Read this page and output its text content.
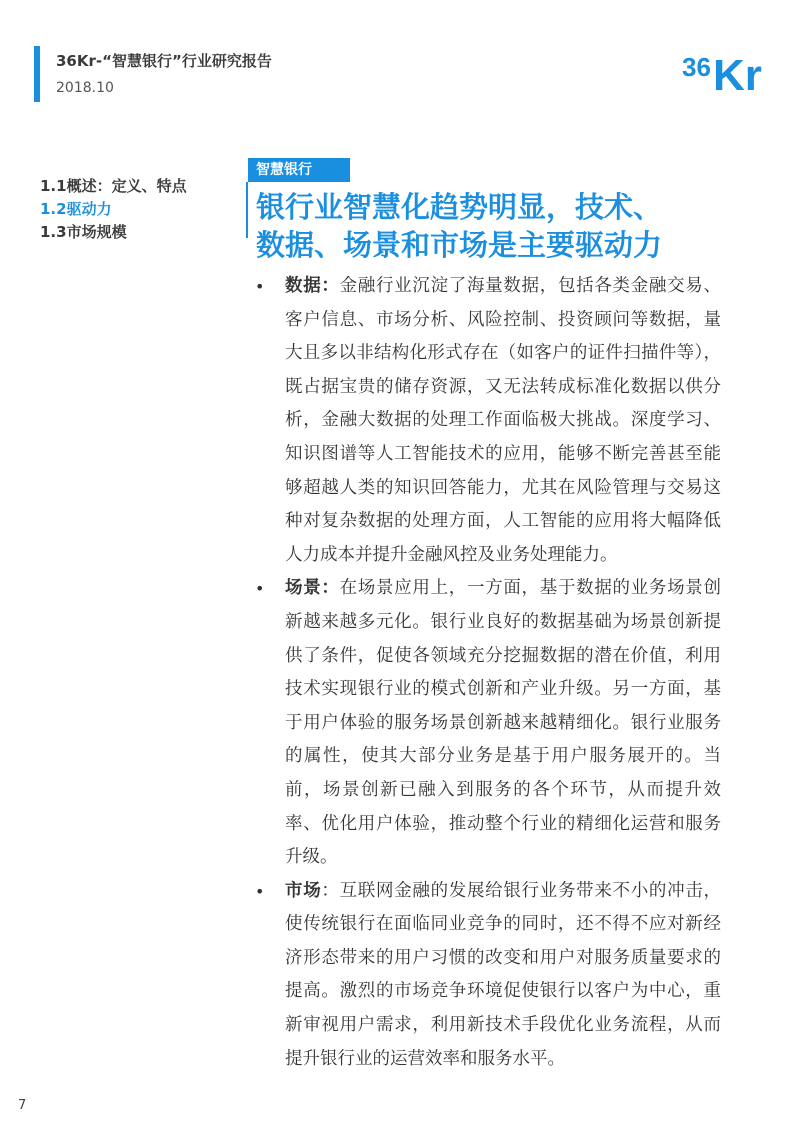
36Kr-“智慧银行”行业研究报告
2018.10
36 Kr
1.1概述：定义、特点
1.2驱动力
1.3市场规模
智慧银行
银行业智慧化趋势明显，技术、
数据、场景和市场是主要驱动力
•	数据：金融行业沉淀了海量数据，包括各类金融交易、客户信息、市场分析、风险控制、投资顾问等数据，量大且多以非结构化形式存在（如客户的证件扫描件等），既占据宝贵的储存资源，又无法转成标准化数据以供分析，金融大数据的处理工作面临极大挑战。深度学习、知识图谱等人工智能技术的应用，能够不断完善甚至能够超越人类的知识回答能力，尤其在风险管理与交易这种对复杂数据的处理方面，人工智能的应用将大幅降低人力成本并提升金融风控及业务处理能力。
•	场景：在场景应用上，一方面，基于数据的业务场景创新越来越多元化。银行业良好的数据基础为场景创新提供了条件，促使各领域充分挖掘数据的潜在价值，利用技术实现银行业的模式创新和产业升级。另一方面，基于用户体验的服务场景创新越来越精细化。银行业服务的属性，使其大部分业务是基于用户服务展开的。当前，场景创新已融入到服务的各个环节，从而提升效率、优化用户体验，推动整个行业的精细化运营和服务升级。
•	市场：互联网金融的发展给银行业务带来不小的冲击，使传统银行在面临同业竞争的同时，还不得不应对新经济形态带来的用户习惯的改变和用户对服务质量要求的提高。激烈的市场竞争环境促使银行以客户为中心，重新审视用户需求，利用新技术手段优化业务流程，从而提升银行业的运营效率和服务水平。
7
